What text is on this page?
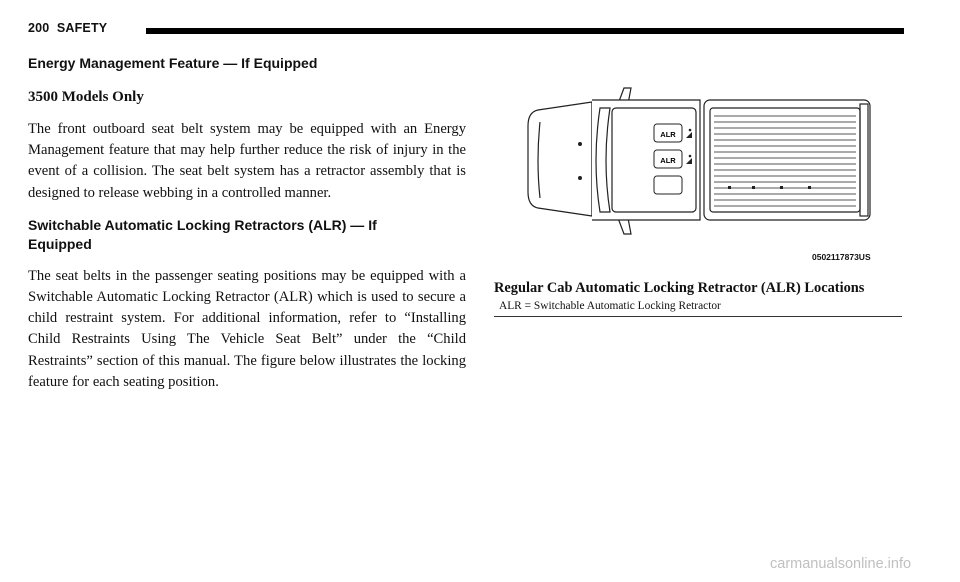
200 SAFETY
Energy Management Feature — If Equipped
3500 Models Only

The front outboard seat belt system may be equipped with an Energy Management feature that may help further reduce the risk of injury in the event of a collision. The seat belt system has a retractor assembly that is designed to release webbing in a controlled manner.

Switchable Automatic Locking Retractors (ALR) — If
Equipped

The seat belts in the passenger seating positions may be equipped with a Switchable Automatic Locking Retractor (ALR) which is used to secure a child restraint system. For additional information, refer to “Installing Child Restraints Using The Vehicle Seat Belt” under the “Child Restraints” section of this manual. The figure below illustrates the locking feature for each seating position.

ALR
ALR
0502117873US
Regular Cab Automatic Locking Retractor (ALR) Locations
ALR = Switchable Automatic Locking Retractor
carmanualsonline.info
